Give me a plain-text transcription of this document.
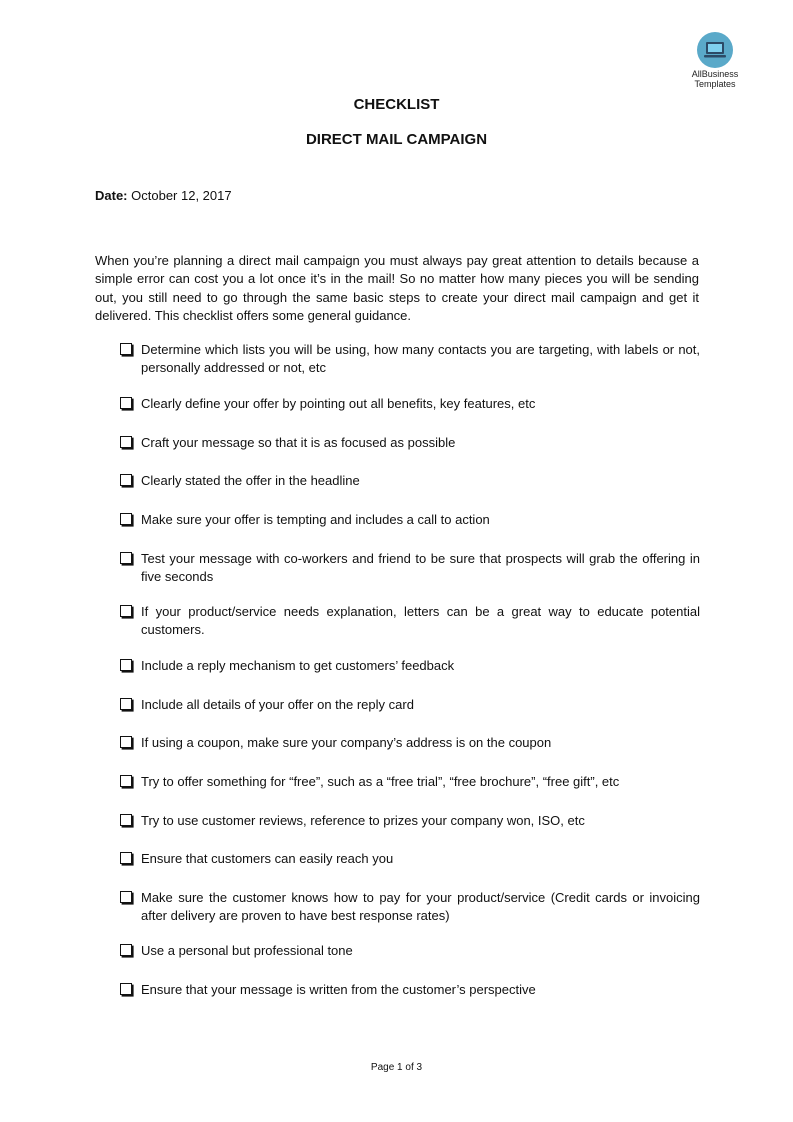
AllBusiness
Templates
CHECKLIST
DIRECT MAIL CAMPAIGN
Date: October 12, 2017
When you’re planning a direct mail campaign you must always pay great attention to details because a simple error can cost you a lot once it’s in the mail! So no matter how many pieces you will be sending out, you still need to go through the same basic steps to create your direct mail campaign and get it delivered. This checklist offers some general guidance.
Determine which lists you will be using, how many contacts you are targeting, with labels or not, personally addressed or not, etc
Clearly define your offer by pointing out all benefits, key features, etc
Craft your message so that it is as focused as possible
Clearly stated the offer in the headline
Make sure your offer is tempting and includes a call to action
Test your message with co-workers and friend to be sure that prospects will grab the offering in five seconds
If your product/service needs explanation, letters can be a great way to educate potential customers.
Include a reply mechanism to get customers’ feedback
Include all details of your offer on the reply card
If using a coupon, make sure your company’s address is on the coupon
Try to offer something for “free”, such as a “free trial”, “free brochure”, “free gift”, etc
Try to use customer reviews, reference to prizes your company won, ISO, etc
Ensure that customers can easily reach you
Make sure the customer knows how to pay for your product/service (Credit cards or invoicing after delivery are proven to have best response rates)
Use a personal but professional tone
Ensure that your message is written from the customer’s perspective
Page 1 of 3
